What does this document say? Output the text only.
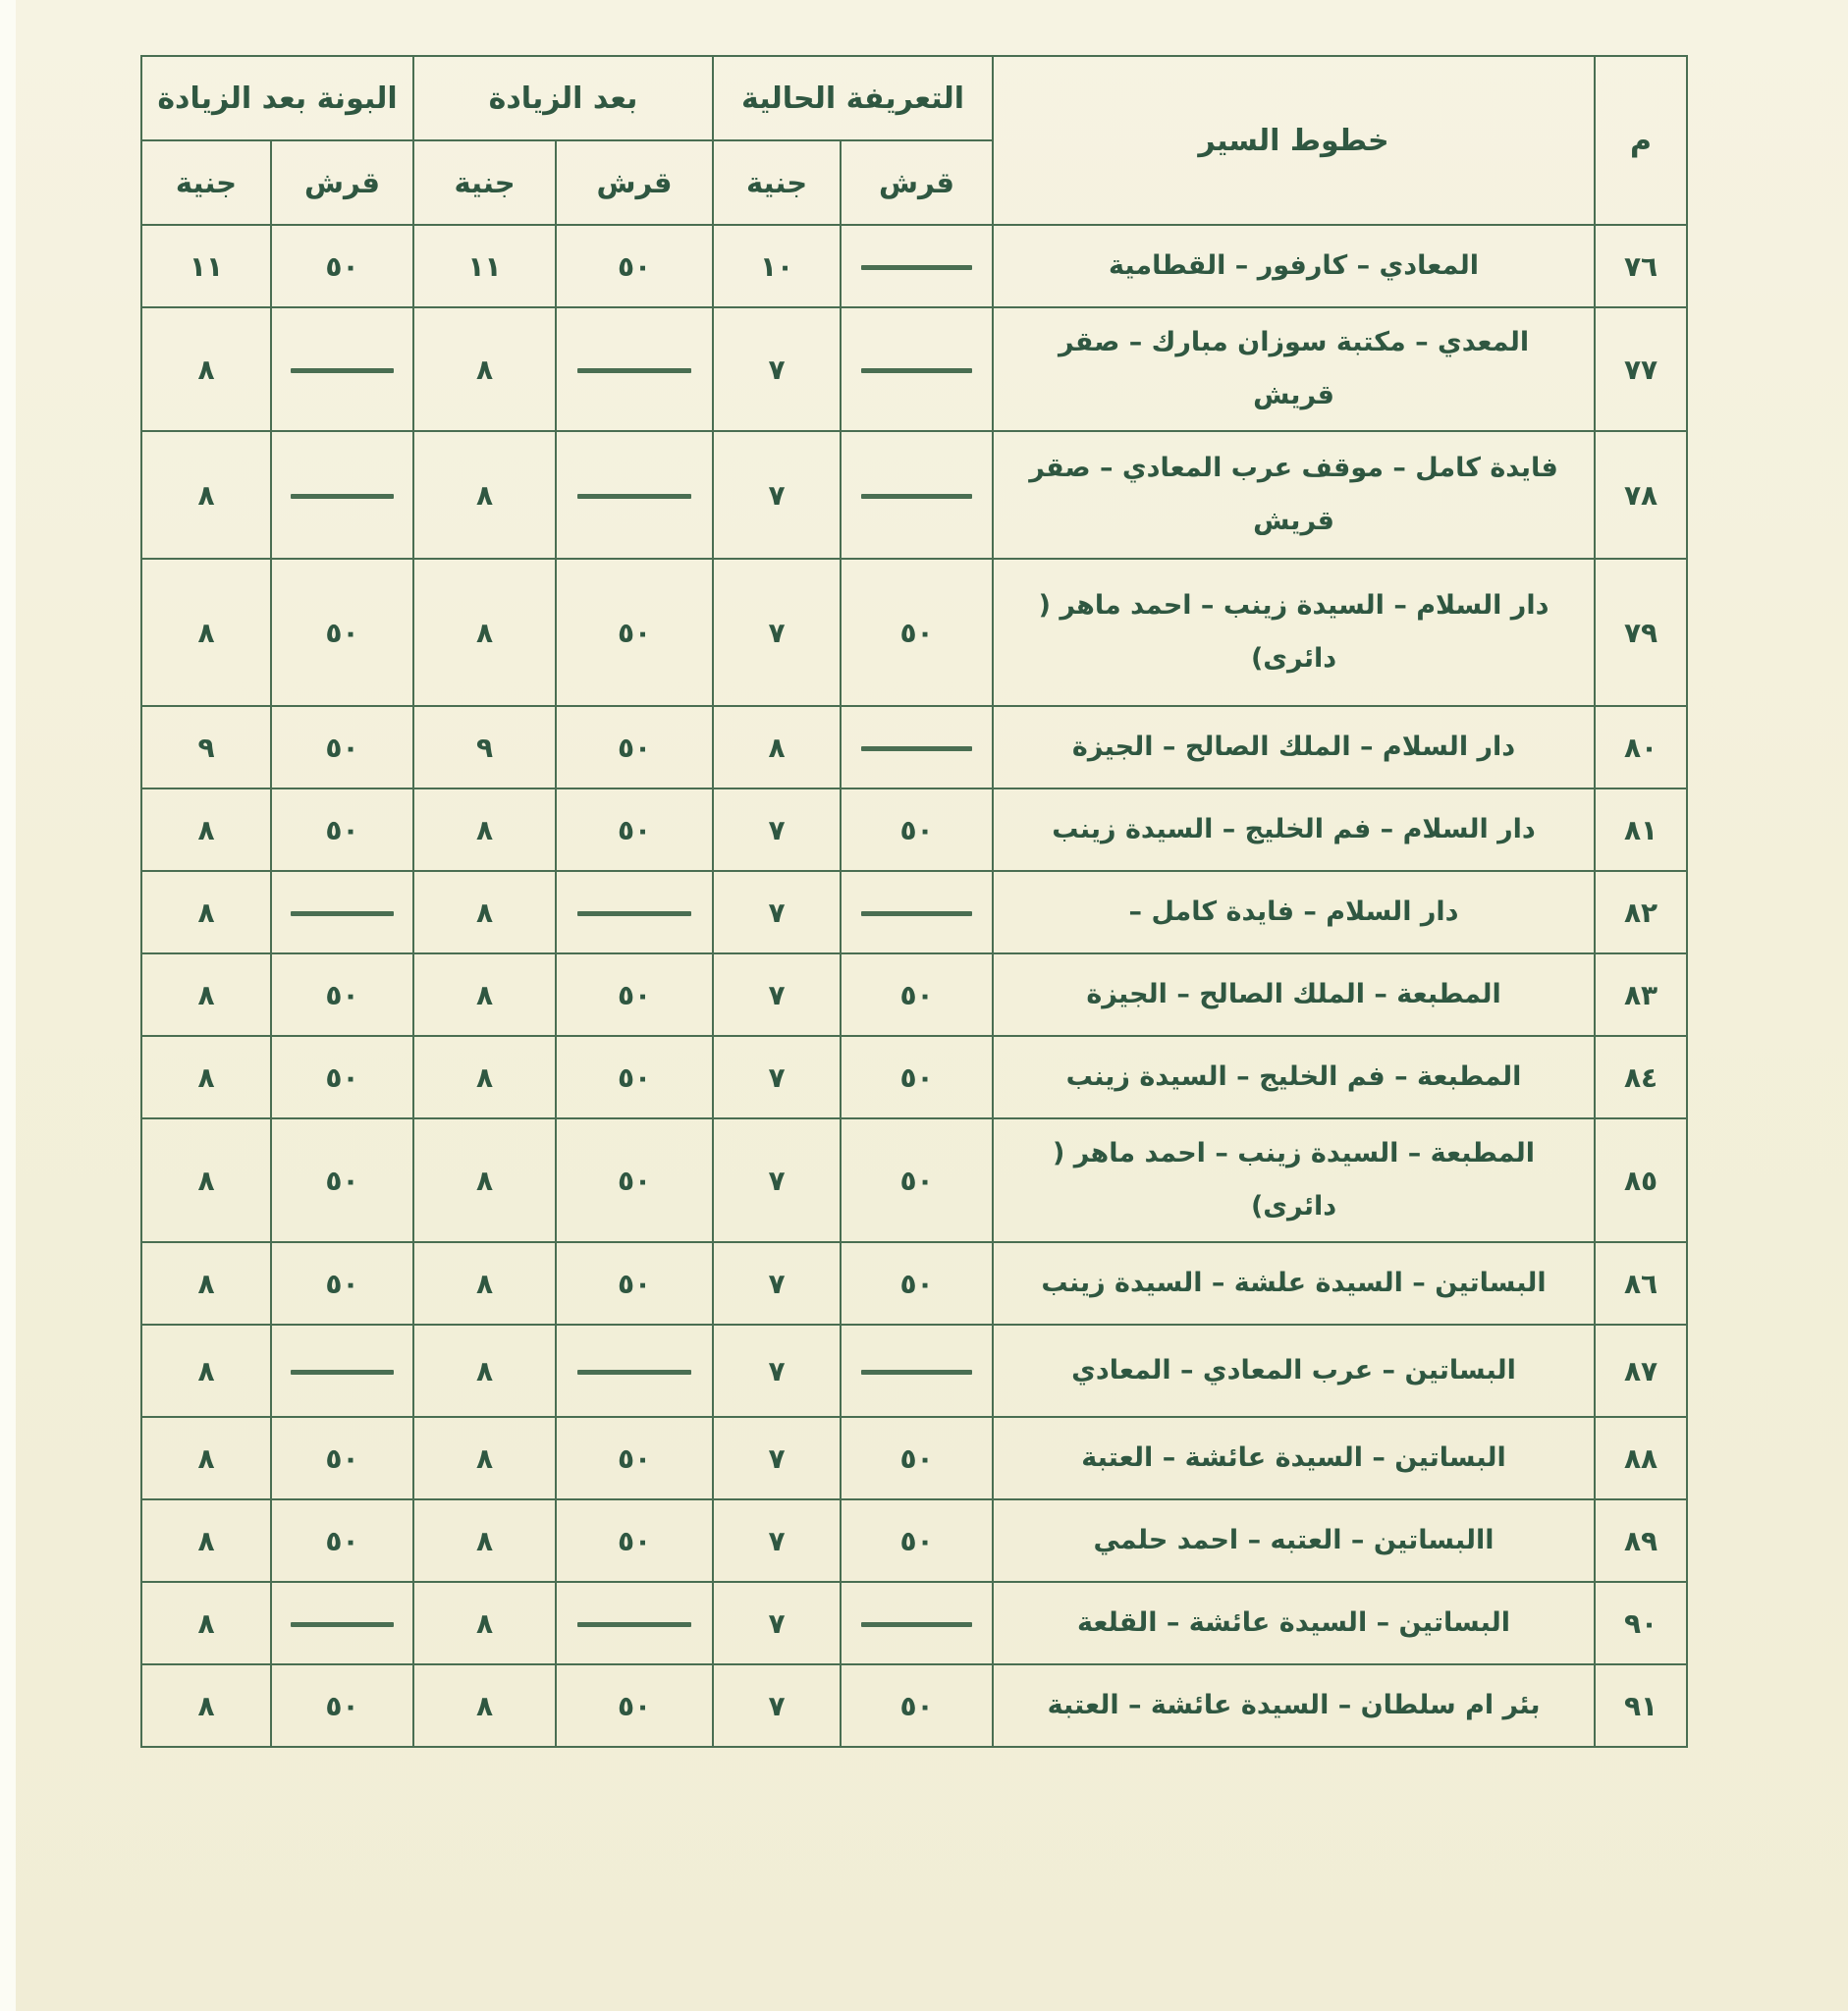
م	خطوط السير	التعريفة الحالية		بعد الزيادة		البونة بعد الزيادة	
		قرش	جنية	قرش	جنية	قرش	جنية
٧٦	المعادي – كارفور – القطامية		١٠	٥٠	١١	٥٠	١١
٧٧	المعدي – مكتبة سوزان مبارك – صقر قريش		٧		٨		٨
٧٨	فايدة كامل – موقف عرب المعادي – صقر قريش		٧		٨		٨
٧٩	دار السلام – السيدة زينب – احمد ماهر ( دائرى)	٥٠	٧	٥٠	٨	٥٠	٨
٨٠	دار السلام – الملك الصالح – الجيزة		٨	٥٠	٩	٥٠	٩
٨١	دار السلام – فم الخليج – السيدة زينب	٥٠	٧	٥٠	٨	٥٠	٨
٨٢	دار السلام – فايدة كامل –		٧		٨		٨
٨٣	المطبعة – الملك الصالح – الجيزة	٥٠	٧	٥٠	٨	٥٠	٨
٨٤	المطبعة – فم الخليج – السيدة زينب	٥٠	٧	٥٠	٨	٥٠	٨
٨٥	المطبعة – السيدة زينب – احمد ماهر ( دائرى)	٥٠	٧	٥٠	٨	٥٠	٨
٨٦	البساتين – السيدة علشة – السيدة زينب	٥٠	٧	٥٠	٨	٥٠	٨
٨٧	البساتين – عرب المعادي – المعادي		٧		٨		٨
٨٨	البساتين – السيدة عائشة – العتبة	٥٠	٧	٥٠	٨	٥٠	٨
٨٩	االبساتين – العتبه – احمد حلمي	٥٠	٧	٥٠	٨	٥٠	٨
٩٠	البساتين – السيدة عائشة – القلعة		٧		٨		٨
٩١	بئر ام سلطان – السيدة عائشة – العتبة	٥٠	٧	٥٠	٨	٥٠	٨
